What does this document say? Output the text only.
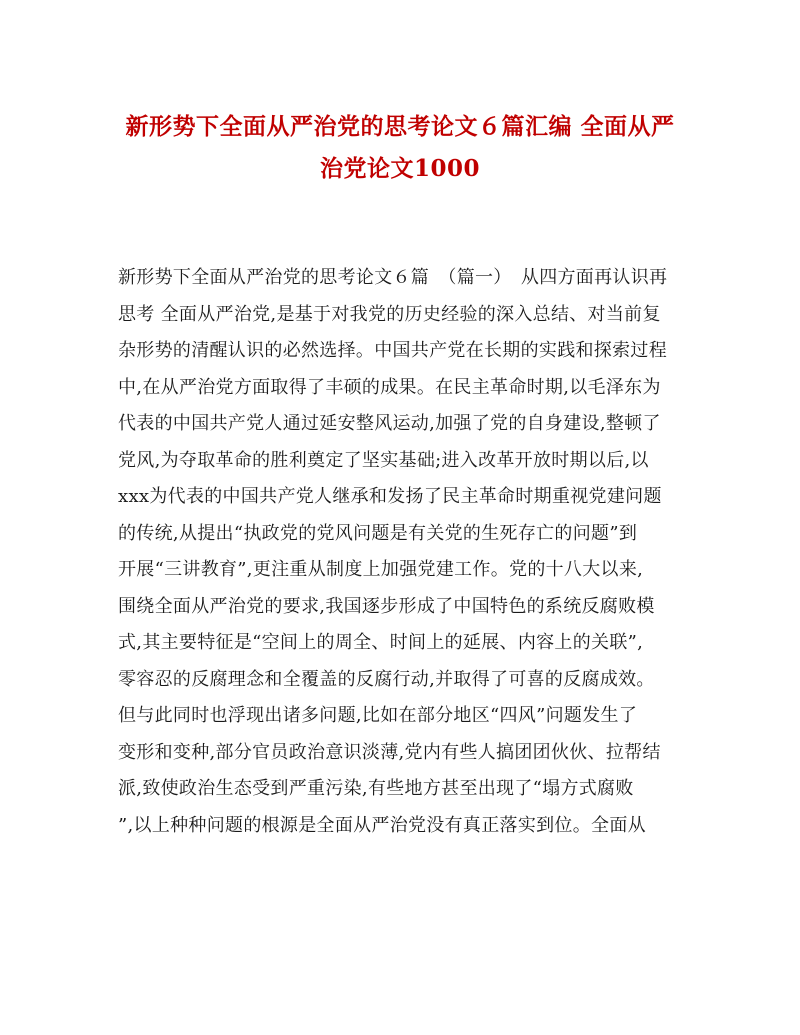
新形势下全面从严治党的思考论文６篇汇编 全面从严
治党论文1000
新形势下全面从严治党的思考论文６篇　（篇一）　从四方面再认识再
思考 全面从严治党,是基于对我党的历史经验的深入总结、对当前复
杂形势的清醒认识的必然选择。中国共产党在长期的实践和探索过程
中,在从严治党方面取得了丰硕的成果。在民主革命时期,以毛泽东为
代表的中国共产党人通过延安整风运动,加强了党的自身建设,整顿了
党风,为夺取革命的胜利奠定了坚实基础;进入改革开放时期以后,以
xxx为代表的中国共产党人继承和发扬了民主革命时期重视党建问题
的传统,从提出“执政党的党风问题是有关党的生死存亡的问题”到
开展“三讲教育”,更注重从制度上加强党建工作。党的十八大以来,
围绕全面从严治党的要求,我国逐步形成了中国特色的系统反腐败模
式,其主要特征是“空间上的周全、时间上的延展、内容上的关联”,
零容忍的反腐理念和全覆盖的反腐行动,并取得了可喜的反腐成效。
但与此同时也浮现出诸多问题,比如在部分地区“四风”问题发生了
变形和变种,部分官员政治意识淡薄,党内有些人搞团团伙伙、拉帮结
派,致使政治生态受到严重污染,有些地方甚至出现了“塌方式腐败
”,以上种种问题的根源是全面从严治党没有真正落实到位。全面从
